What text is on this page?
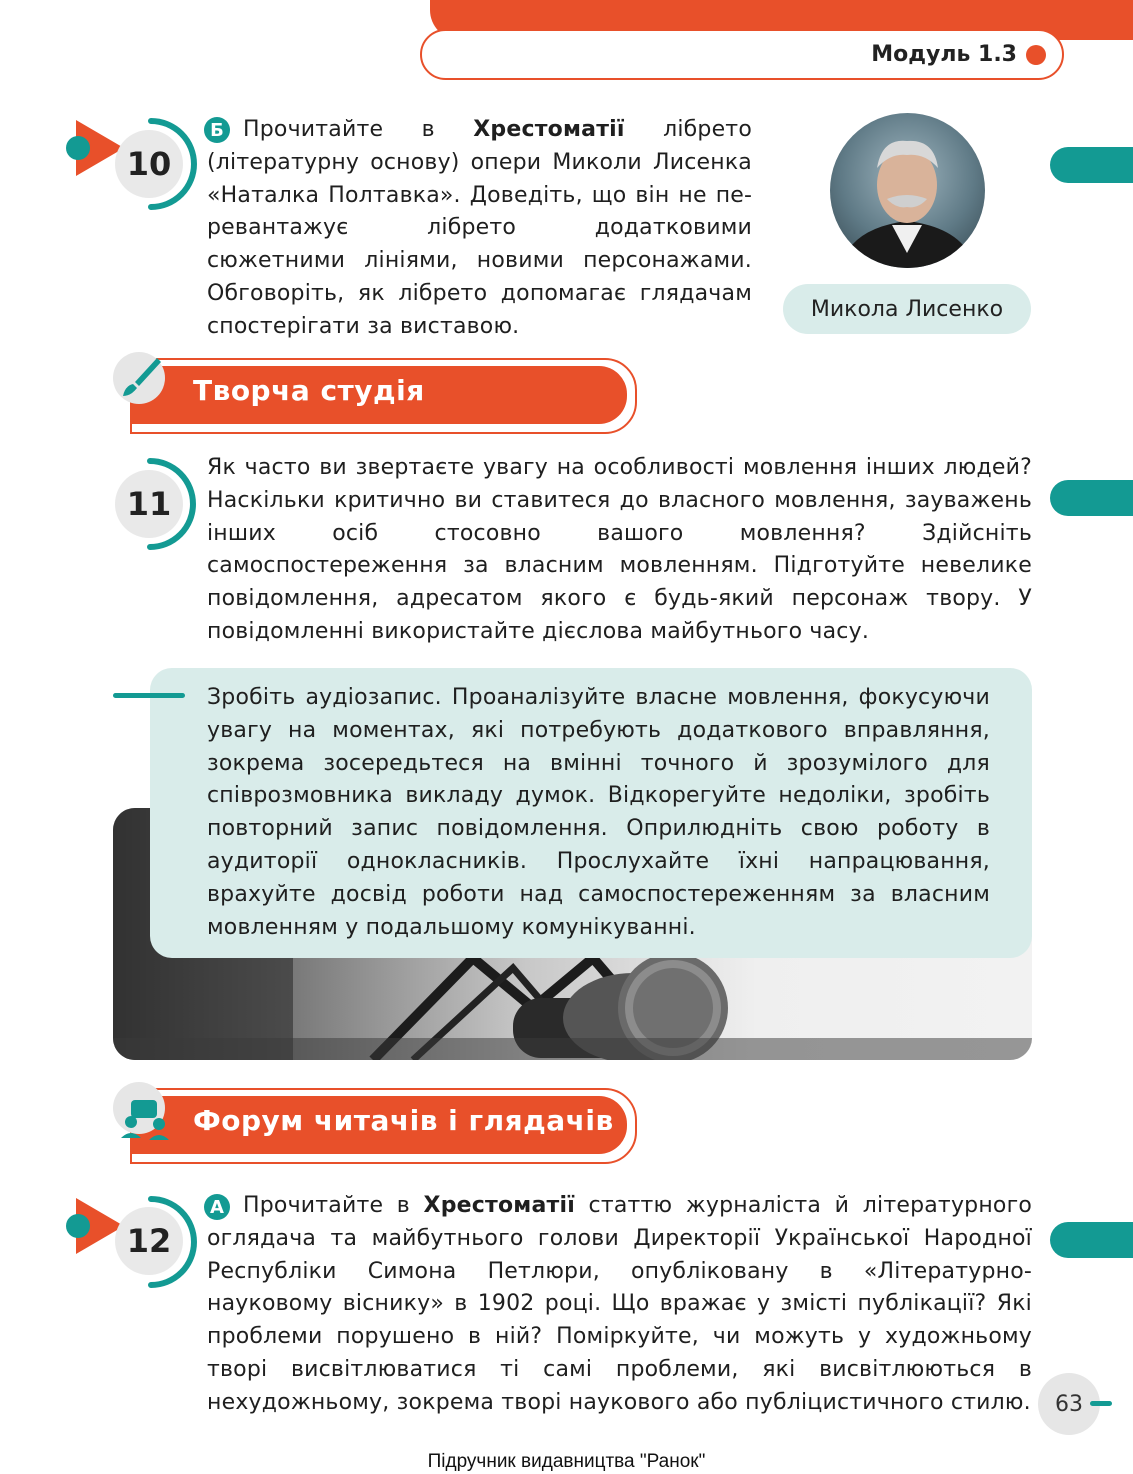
Модуль 1.3
10
Б Прочитайте в Хрестоматії лібрето (літературну основу) опери Миколи Лисенка «Наталка Полтавка». Доведіть, що він не перевантажує лібрето додатковими сюжетними лініями, новими персонажами. Обговоріть, як лібрето допомагає глядачам спостерігати за виставою.
Микола Лисенко
Творча студія
11
Як часто ви звертаєте увагу на особливості мовлення інших людей? Наскільки критично ви ставитеся до власного мовлення, зауважень інших осіб стосовно вашого мовлення? Здійсніть самоспостереження за власним мовленням. Підготуйте невелике повідомлення, адресатом якого є будь-який персонаж твору. У повідомленні використайте дієслова майбутнього часу.
Зробіть аудіозапис. Проаналізуйте власне мовлення, фокусуючи увагу на моментах, які потребують додаткового вправляння, зокрема зосередьтеся на вмінні точного й зрозумілого для співрозмовника викладу думок. Відкорегуйте недоліки, зробіть повторний запис повідомлення. Оприлюдніть свою роботу в аудиторії однокласників. Прослухайте їхні напрацювання, врахуйте досвід роботи над самоспостереженням за власним мовленням у подальшому комунікуванні.
Форум читачів і глядачів
12
А Прочитайте в Хрестоматії статтю журналіста й літературного оглядача та майбутнього голови Директорії Української Народної Республіки Симона Петлюри, опубліковану в «Літературно-науковому віснику» в 1902 році. Що вражає у змісті публікації? Які проблеми порушено в ній? Поміркуйте, чи можуть у художньому творі висвітлюватися ті самі проблеми, які висвітлюються в нехудожньому, зокрема творі наукового або публіцистичного стилю.	63
Підручник видавництва "Ранок"
